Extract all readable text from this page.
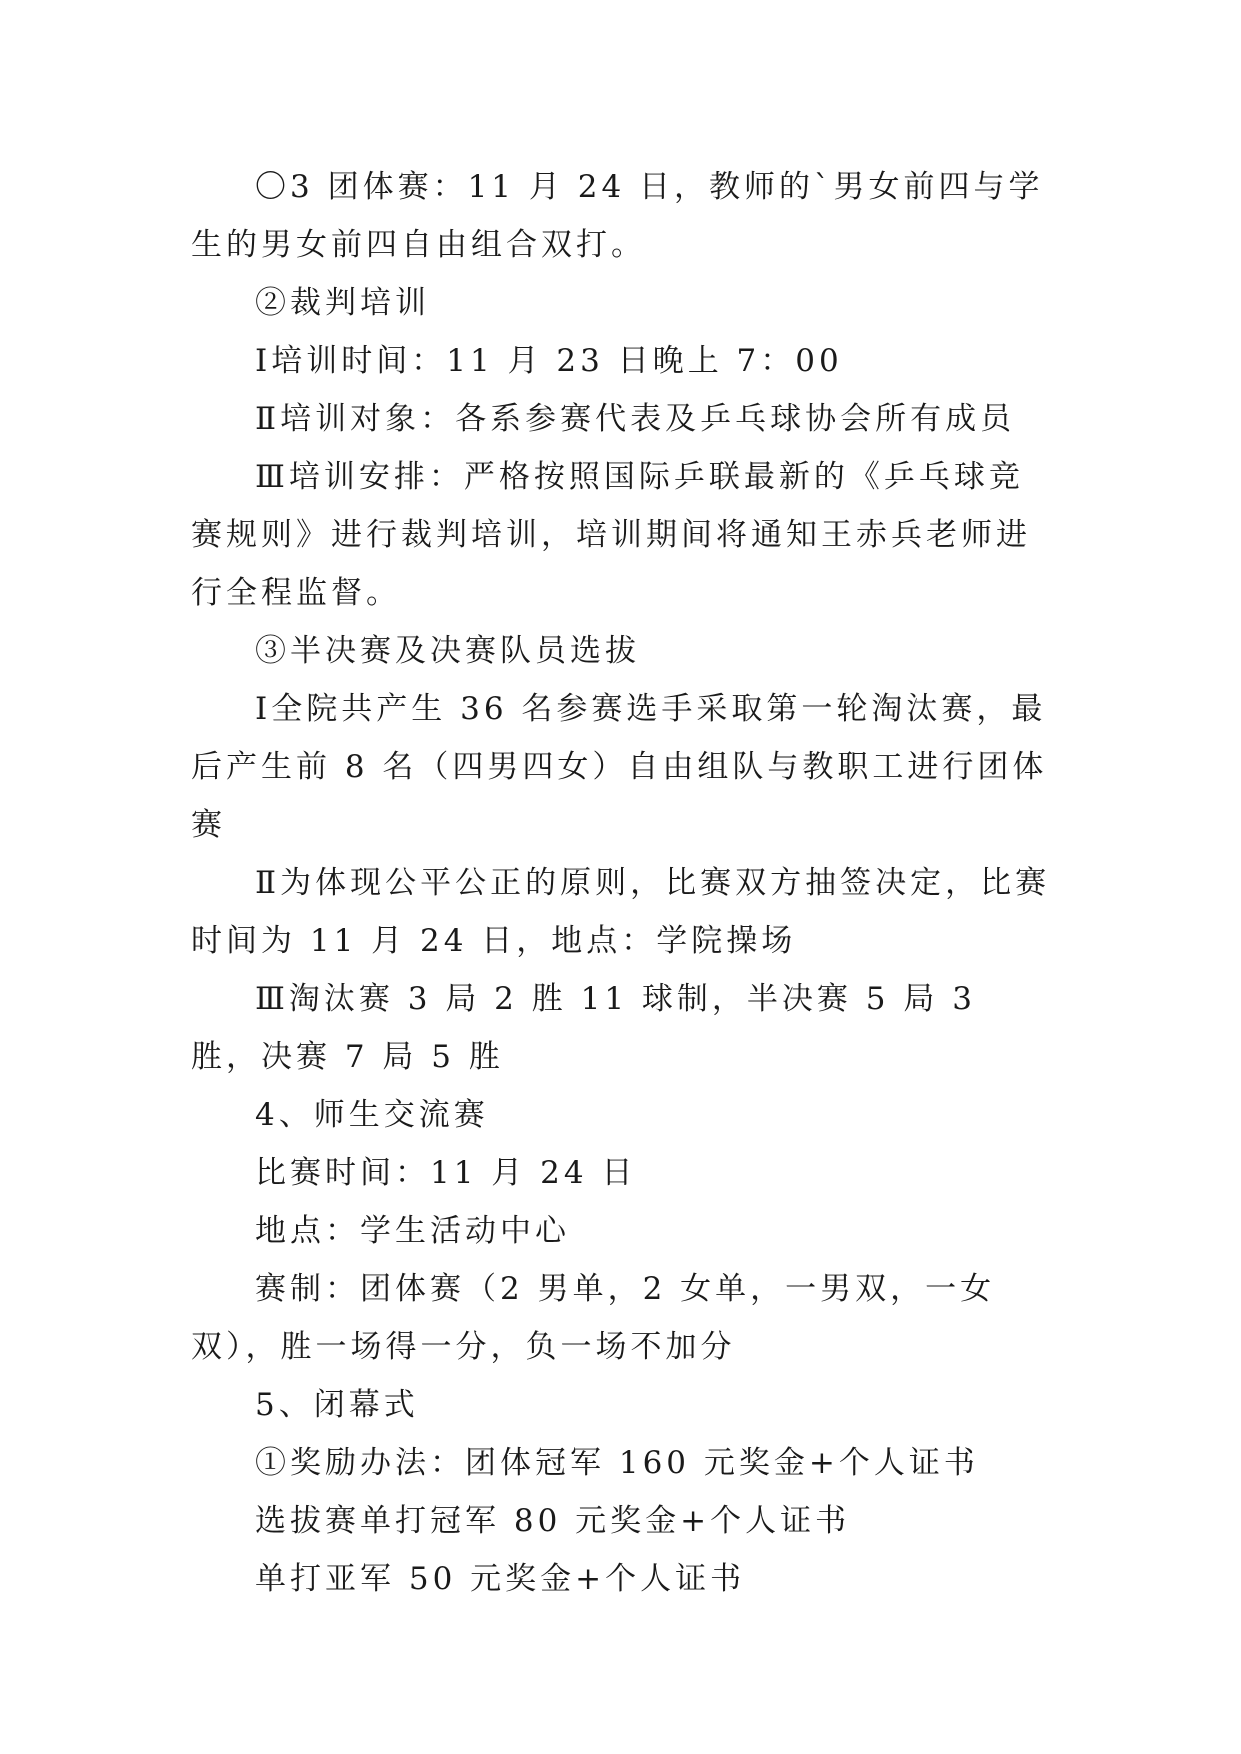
〇3 团体赛：11 月 24 日，教师的`男女前四与学生的男女前四自由组合双打。

②裁判培训

Ⅰ培训时间：11 月 23 日晚上 7：00

Ⅱ培训对象：各系参赛代表及乒乓球协会所有成员

Ⅲ培训安排：严格按照国际乒联最新的《乒乓球竞赛规则》进行裁判培训，培训期间将通知王赤兵老师进行全程监督。

③半决赛及决赛队员选拔

Ⅰ全院共产生 36 名参赛选手采取第一轮淘汰赛，最后产生前 8 名（四男四女）自由组队与教职工进行团体赛

Ⅱ为体现公平公正的原则，比赛双方抽签决定，比赛时间为 11 月 24 日，地点：学院操场

Ⅲ淘汰赛 3 局 2 胜 11 球制，半决赛 5 局 3 胜，决赛 7 局 5 胜

4、师生交流赛

比赛时间：11 月 24 日

地点：学生活动中心

赛制：团体赛（2 男单，2 女单，一男双，一女双），胜一场得一分，负一场不加分

5、闭幕式

①奖励办法：团体冠军 160 元奖金+个人证书

选拔赛单打冠军 80 元奖金+个人证书

单打亚军 50 元奖金+个人证书
